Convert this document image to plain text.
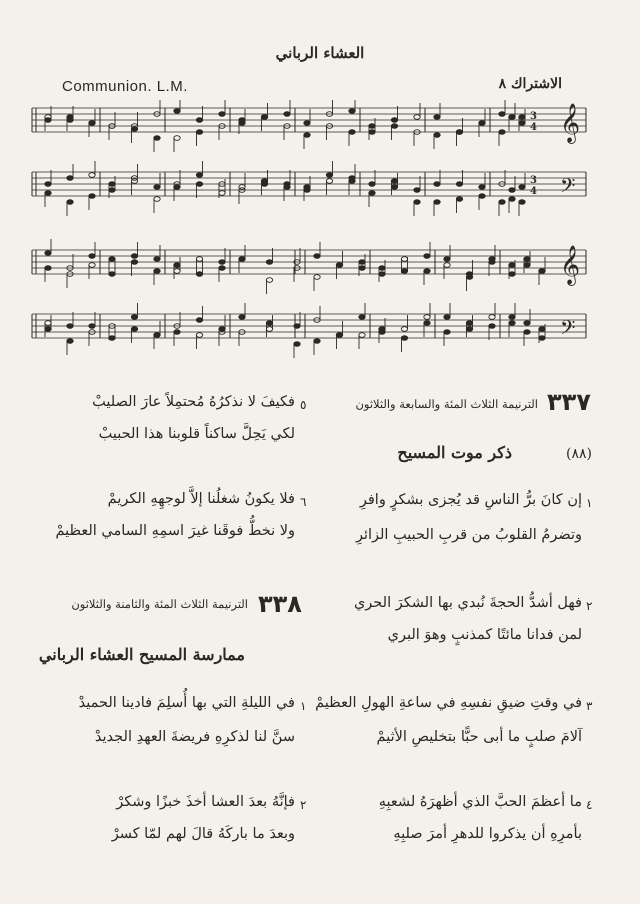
العشاء الرباني
Communion. L.M.	الاشتراك ٨
𝄞
𝄢
𝄞
𝄢
3
4
3
4
٥
فكيفَ لا نذكرُهُ مُحتمِلاً عارَ الصليبْ
لكي يَحِلَّ ساكناً قلوبنا هذا الحبيبْ
٦
فلا يكونُ شغلُنا إلاَّ لوجهِهِ الكريمْ
ولا نخطُّ فوقَنا غيرَ اسمِهِ السامي العظيمْ
٣٣٨
الترنيمة الثلاث المئة والثامنة والثلاثون
ممارسة المسيح العشاء الرباني
١
في الليلةِ التي بها أُسلِمَ فادينا الحميدْ
سنَّ لنا لذكرِهِ فريضةَ العهدِ الجديدْ
٢
فإنَّهُ بعدَ العشا أخذَ خبزًا وشكرْ
وبعدَ ما باركَهُ قالَ لهم لمّا كسرْ
٣٣٧
الترنيمة الثلاث المئة والسابعة والثلاثون
ذكر موت المسيح	(٨٨)
١
إن كانَ برُّ الناسِ قد يُجزى بشكرٍ وافرِ
وتضرمُ القلوبُ من قربِ الحبيبِ الزائرِ
٢
فهل أشدُّ الحجةَ نُبدي بها الشكرَ الحري
لمن فدانا مائتًا كمذنبٍ وهوَ البري
٣
في وقتِ ضيقِ نفسِهِ في ساعةِ الهولِ العظيمْ
آلامَ صلبٍ ما أبى حبًّا بتخليصِ الأثيمْ
٤
ما أعظمَ الحبَّ الذي أظهرَهُ لشعبِهِ
بأمرِهِ أن يذكروا للدهرِ أمرَ صلبِهِ
